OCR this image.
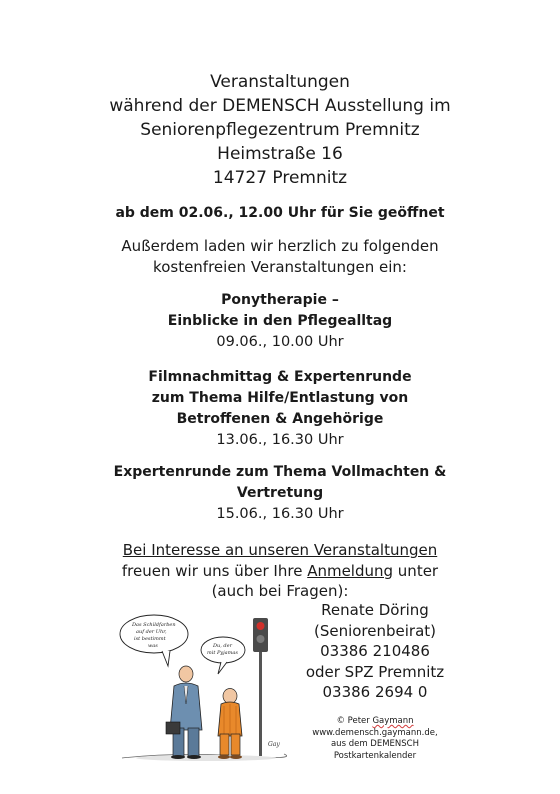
Veranstaltungen
während der DEMENSCH Ausstellung im
Seniorenpflegezentrum Premnitz
Heimstraße 16
14727 Premnitz
ab dem 02.06., 12.00 Uhr für Sie geöffnet
Außerdem laden wir herzlich zu folgenden
kostenfreien Veranstaltungen ein:
Ponytherapie –
Einblicke in den Pflegealltag
09.06., 10.00 Uhr
Filmnachmittag & Expertenrunde
zum Thema Hilfe/Entlastung von
Betroffenen & Angehörige
13.06., 16.30 Uhr
Expertenrunde zum Thema Vollmachten &
Vertretung
15.06., 16.30 Uhr
Bei Interesse an unseren Veranstaltungen
freuen wir uns über Ihre Anmeldung unter
(auch bei Fragen):
Das Schildfarben auf der Uhr, ist bestimmt was	Du, der mit Pyjamas
Gay
Renate Döring
(Seniorenbeirat)
03386 210486
oder SPZ Premnitz
03386 2694 0
© Peter Gaymann
www.demensch.gaymann.de,
aus dem DEMENSCH
Postkartenkalender
